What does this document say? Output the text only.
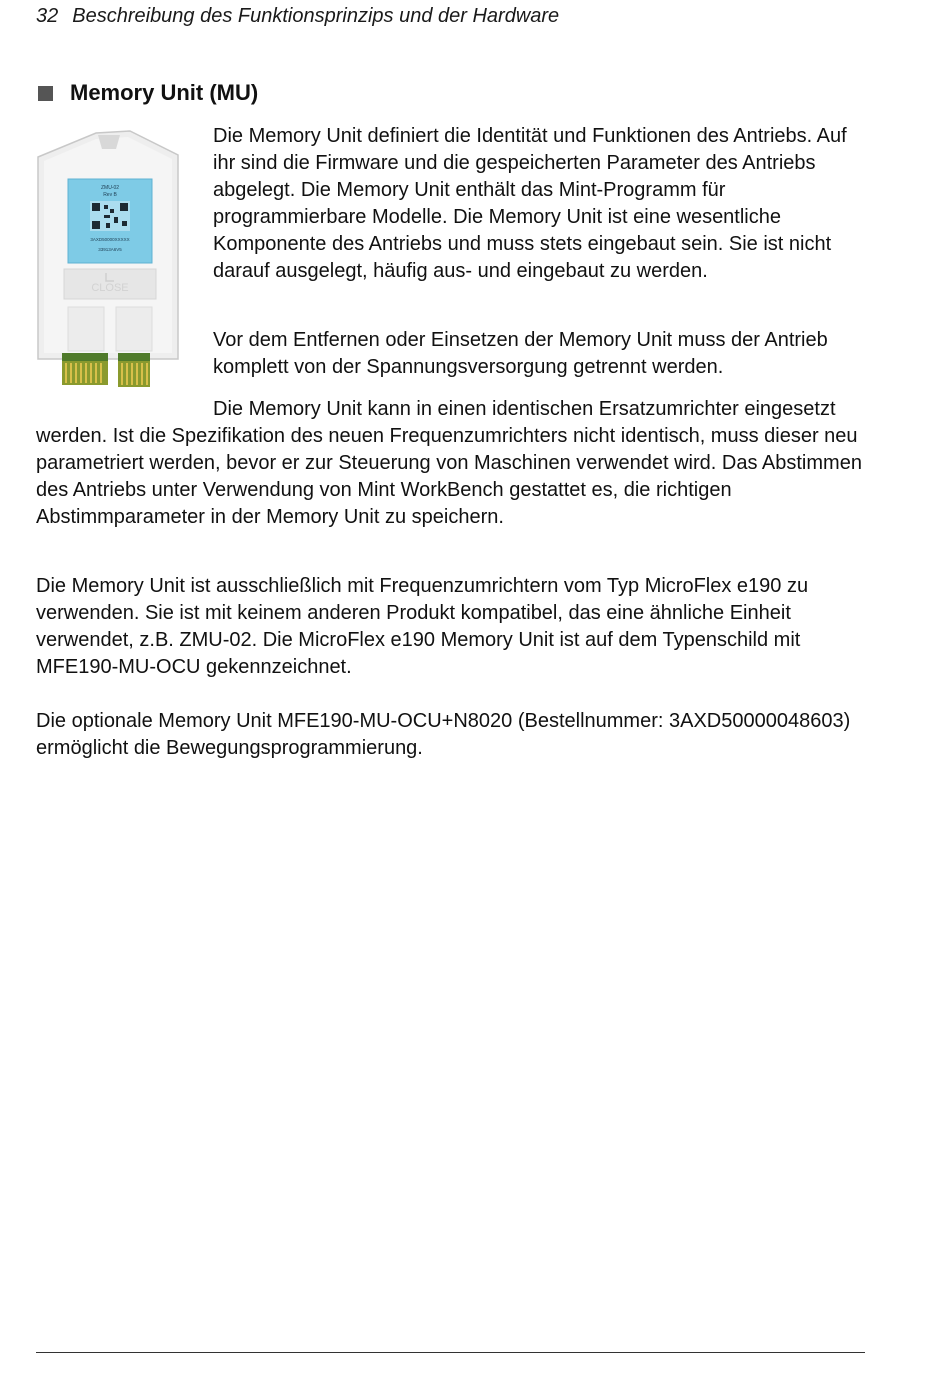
32 Beschreibung des Funktionsprinzips und der Hardware
Memory Unit (MU)
ZMU-02
Rev B
3AXD50000XXXXX
33913A6V5
CLOSE

Die Memory Unit definiert die Identität und Funktionen des Antriebs. Auf ihr sind die Firmware und die gespeicherten Parameter des Antriebs abgelegt. Die Memory Unit enthält das Mint-Programm für programmierbare Modelle. Die Memory Unit ist eine wesentliche Komponente des Antriebs und muss stets eingebaut sein. Sie ist nicht darauf ausgelegt, häufig aus- und eingebaut zu werden.

Vor dem Entfernen oder Einsetzen der Memory Unit muss der Antrieb komplett von der Spannungsversorgung getrennt werden.

Die Memory Unit kann in einen identischen Ersatzumrichter eingesetzt werden. Ist die Spezifikation des neuen Frequenzumrichters nicht identisch, muss dieser neu parametriert werden, bevor er zur Steuerung von Maschinen verwendet wird. Das Abstimmen des Antriebs unter Verwendung von Mint WorkBench gestattet es, die richtigen Abstimmparameter in der Memory Unit zu speichern.

Die Memory Unit ist ausschließlich mit Frequenzumrichtern vom Typ MicroFlex e190 zu verwenden. Sie ist mit keinem anderen Produkt kompatibel, das eine ähnliche Einheit verwendet, z.B. ZMU-02. Die MicroFlex e190 Memory Unit ist auf dem Typenschild mit MFE190-MU-OCU gekennzeichnet.

Die optionale Memory Unit MFE190-MU-OCU+N8020 (Bestellnummer: 3AXD50000048603) ermöglicht die Bewegungsprogrammierung.
